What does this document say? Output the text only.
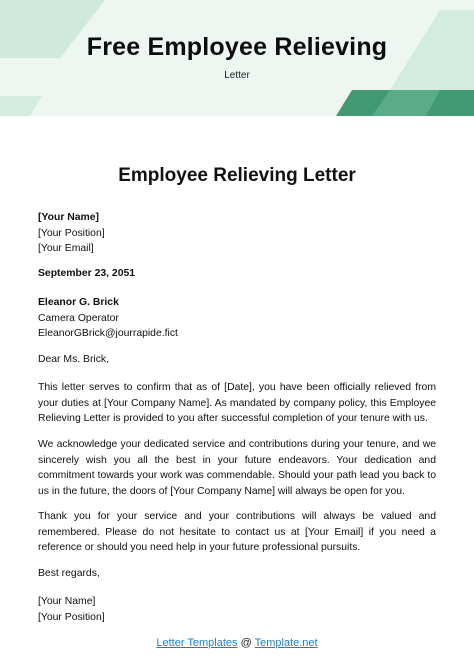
Free Employee Relieving
Letter
Employee Relieving Letter
[Your Name]
[Your Position]
[Your Email]
September 23, 2051
Eleanor G. Brick
Camera Operator
EleanorGBrick@jourrapide.fict
Dear Ms. Brick,

This letter serves to confirm that as of [Date], you have been officially relieved from your duties at [Your Company Name]. As mandated by company policy, this Employee Relieving Letter is provided to you after successful completion of your tenure with us.

We acknowledge your dedicated service and contributions during your tenure, and we sincerely wish you all the best in your future endeavors. Your dedication and commitment towards your work was commendable. Should your path lead you back to us in the future, the doors of [Your Company Name] will always be open for you.

Thank you for your service and your contributions will always be valued and remembered. Please do not hesitate to contact us at [Your Email] if you need a reference or should you need help in your future professional pursuits.

Best regards,
[Your Name]
[Your Position]
Letter Templates @ Template.net
